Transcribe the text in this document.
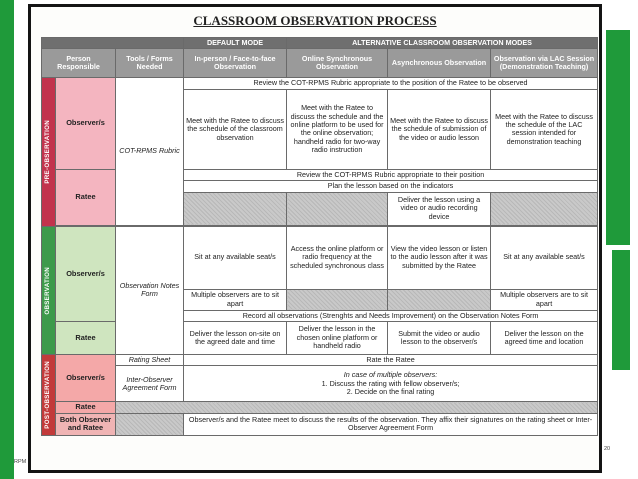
CLASSROOM OBSERVATION PROCESS
			DEFAULT MODE	ALTERNATIVE CLASSROOM OBSERVATION MODES		
Person Responsible		Tools / Forms Needed	In-person / Face-to-face Observation	Online Synchronous Observation	Asynchronous Observation	Observation via LAC Session (Demonstration Teaching)

PRE-OBSERVATION	Observer/s	COT-RPMS Rubric	Review the COT-RPMS Rubric appropriate to the position of the Ratee to be observed			
			Meet with the Ratee to discuss the schedule of the classroom observation	Meet with the Ratee to discuss the schedule and the online platform to be used for the online observation; handheld radio for two-way radio instruction	Meet with the Ratee to discuss the schedule of submission of the video or audio lesson	Meet with the Ratee to discuss the schedule of the LAC session intended for demonstration teaching
	Ratee		Review the COT-RPMS Rubric appropriate to their position			
			Plan the lesson based on the indicators			
					Deliver the lesson using a video or audio recording device	

OBSERVATION	Observer/s	Observation Notes Form	Sit at any available seat/s	Access the online platform or radio frequency at the scheduled synchronous class	View the video lesson or listen to the audio lesson after it was submitted by the Ratee	Sit at any available seat/s
			Multiple observers are to sit apart			Multiple observers are to sit apart
			Record all observations (Strenghts and Needs Improvement) on the Observation Notes Form			
	Ratee		Deliver the lesson on-site on the agreed date and time	Deliver the lesson in the chosen online platform or handheld radio	Submit the video or audio lesson to the observer/s	Deliver the lesson on the agreed time and location

POST-OBSERVATION	Observer/s	Rating Sheet	Rate the Ratee			
		Inter-Observer Agreement Form	In case of multiple observers:
1. Discuss the rating with fellow observer/s;
2. Decide on the final rating			

	Ratee					
	Both Observer and Ratee		Observer/s and the Ratee meet to discuss the results of the observation. They affix their signatures on the rating sheet or Inter-Observer Agreement Form			
RPM
20
